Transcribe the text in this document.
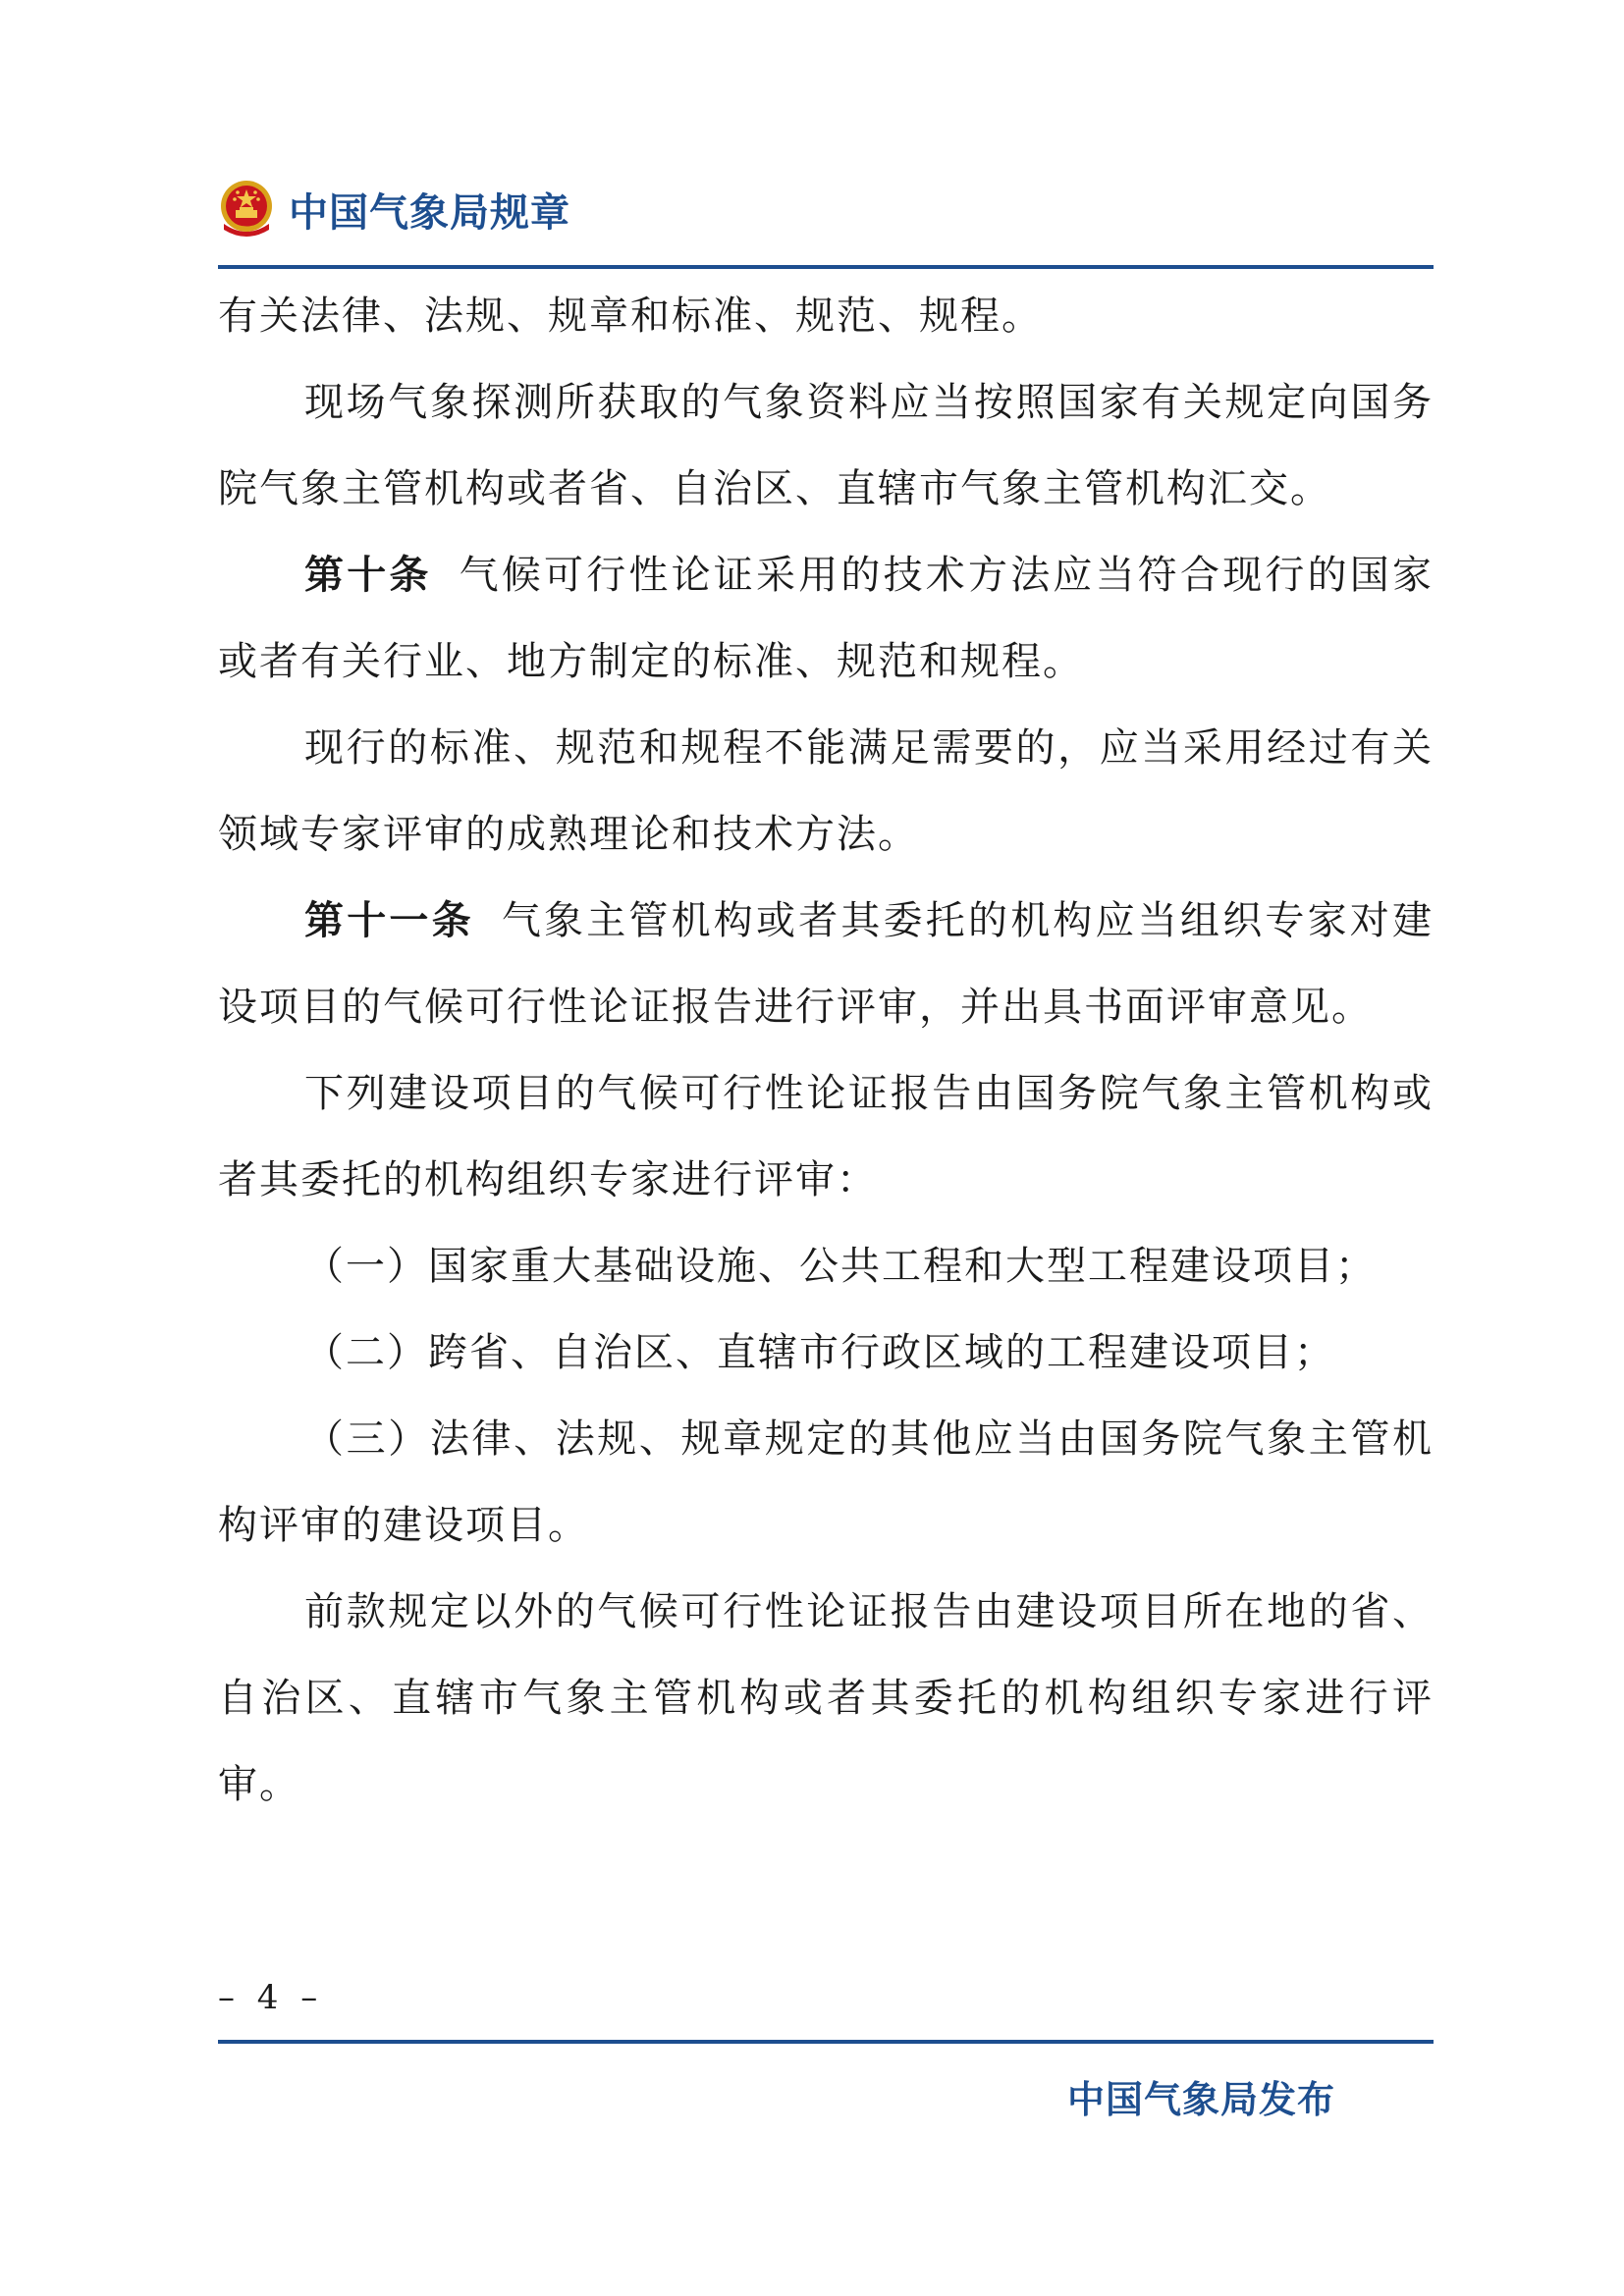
中国气象局规章

有关法律、法规、规章和标准、规范、规程。

现场气象探测所获取的气象资料应当按照国家有关规定向国务院气象主管机构或者省、自治区、直辖市气象主管机构汇交。

第十条 气候可行性论证采用的技术方法应当符合现行的国家或者有关行业、地方制定的标准、规范和规程。

现行的标准、规范和规程不能满足需要的，应当采用经过有关领域专家评审的成熟理论和技术方法。

第十一条 气象主管机构或者其委托的机构应当组织专家对建设项目的气候可行性论证报告进行评审，并出具书面评审意见。

下列建设项目的气候可行性论证报告由国务院气象主管机构或者其委托的机构组织专家进行评审：

（一）国家重大基础设施、公共工程和大型工程建设项目；

（二）跨省、自治区、直辖市行政区域的工程建设项目；

（三）法律、法规、规章规定的其他应当由国务院气象主管机构评审的建设项目。

前款规定以外的气候可行性论证报告由建设项目所在地的省、自治区、直辖市气象主管机构或者其委托的机构组织专家进行评审。

– 4 –
中国气象局发布
